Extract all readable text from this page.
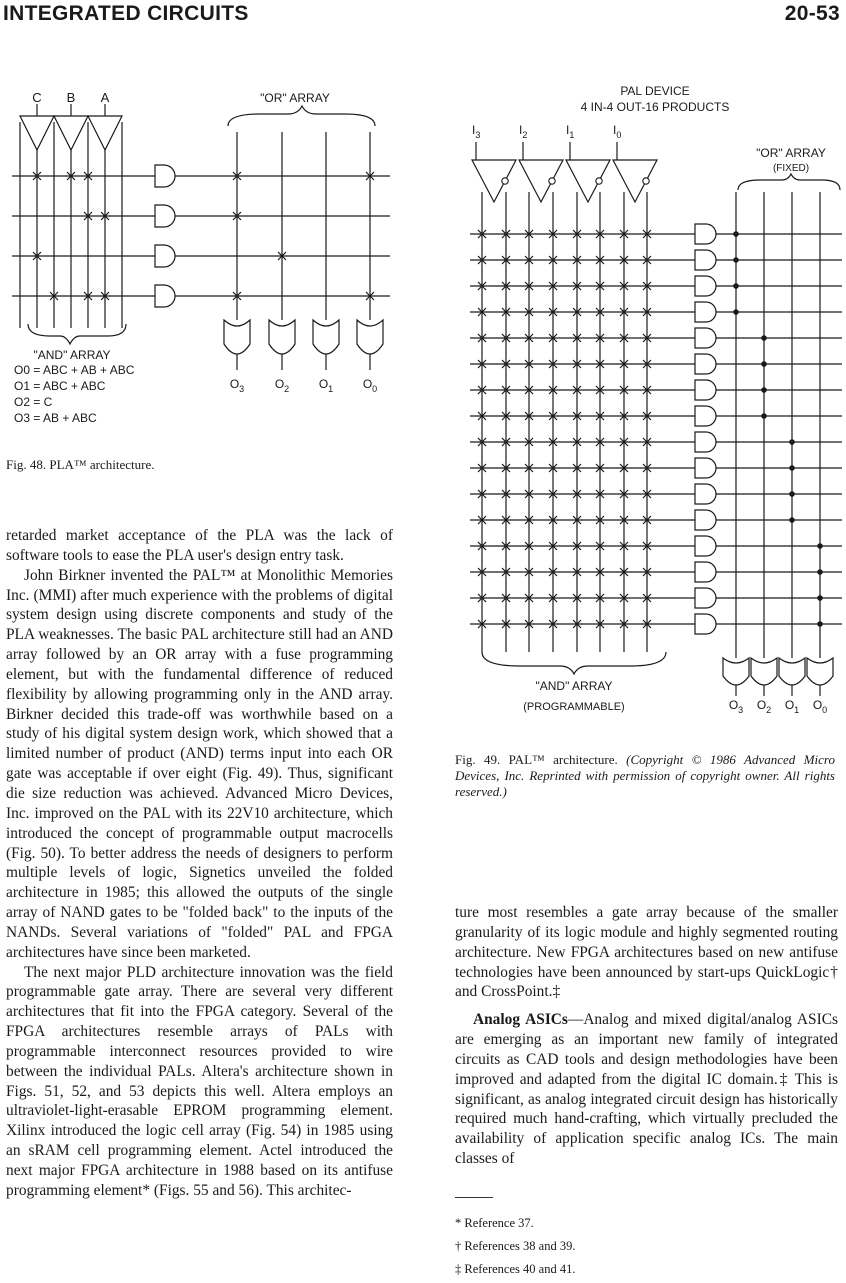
INTEGRATED CIRCUITS	20-53
C B A	"OR" ARRAY
"AND" ARRAY
O0 = ABC + AB + ABC
O1 = ABC + ABC
O2 = C
O3 = AB + ABC
$O_3$	$O_2$ $O_1$ $O_0$
Fig. 48. PLA™ architecture.
PAL DEVICE
4 IN-4 OUT-16 PRODUCTS
"OR" ARRAY
(FIXED)
"AND" ARRAY
(PROGRAMMABLE)	$O_3$ $O_2$ $O_1$ $O_0$
$I_3$	$I_2$	$I_1$	$I_0$
Fig. 49. PAL™ architecture. (Copyright © 1986 Advanced Micro Devices, Inc. Reprinted with permission of copyright owner. All rights reserved.)

retarded market acceptance of the PLA was the lack of software tools to ease the PLA user's design entry task.

John Birkner invented the PAL™ at Monolithic Memories Inc. (MMI) after much experience with the problems of digital system design using discrete components and study of the PLA weaknesses. The basic PAL architecture still had an AND array followed by an OR array with a fuse programming element, but with the fundamental difference of reduced flexibility by allowing programming only in the AND array. Birkner decided this trade-off was worthwhile based on a study of his digital system design work, which showed that a limited number of product (AND) terms input into each OR gate was acceptable if over eight (Fig. 49). Thus, significant die size reduction was achieved. Advanced Micro Devices, Inc. improved on the PAL with its 22V10 architecture, which introduced the concept of programmable output macrocells (Fig. 50). To better address the needs of designers to perform multiple levels of logic, Signetics unveiled the folded architecture in 1985; this allowed the outputs of the single array of NAND gates to be "folded back" to the inputs of the NANDs. Several variations of "folded" PAL and FPGA architectures have since been marketed.

The next major PLD architecture innovation was the field programmable gate array. There are several very different architectures that fit into the FPGA category. Several of the FPGA architectures resemble arrays of PALs with programmable interconnect resources provided to wire between the individual PALs. Altera's architecture shown in Figs. 51, 52, and 53 depicts this well. Altera employs an ultraviolet-light-erasable EPROM programming element. Xilinx introduced the logic cell array (Fig. 54) in 1985 using an sRAM cell programming element. Actel introduced the next major FPGA architecture in 1988 based on its antifuse programming element* (Figs. 55 and 56). This architec-

ture most resembles a gate array because of the smaller granularity of its logic module and highly segmented routing architecture. New FPGA architectures based on new antifuse technologies have been announced by start-ups QuickLogic† and CrossPoint.‡

Analog ASICs—Analog and mixed digital/analog ASICs are emerging as an important new family of integrated circuits as CAD tools and design methodologies have been improved and adapted from the digital IC domain.‡ This is significant, as analog integrated circuit design has historically required much hand-crafting, which virtually precluded the availability of application specific analog ICs. The main classes of

* Reference 37.
† References 38 and 39.
‡ References 40 and 41.
